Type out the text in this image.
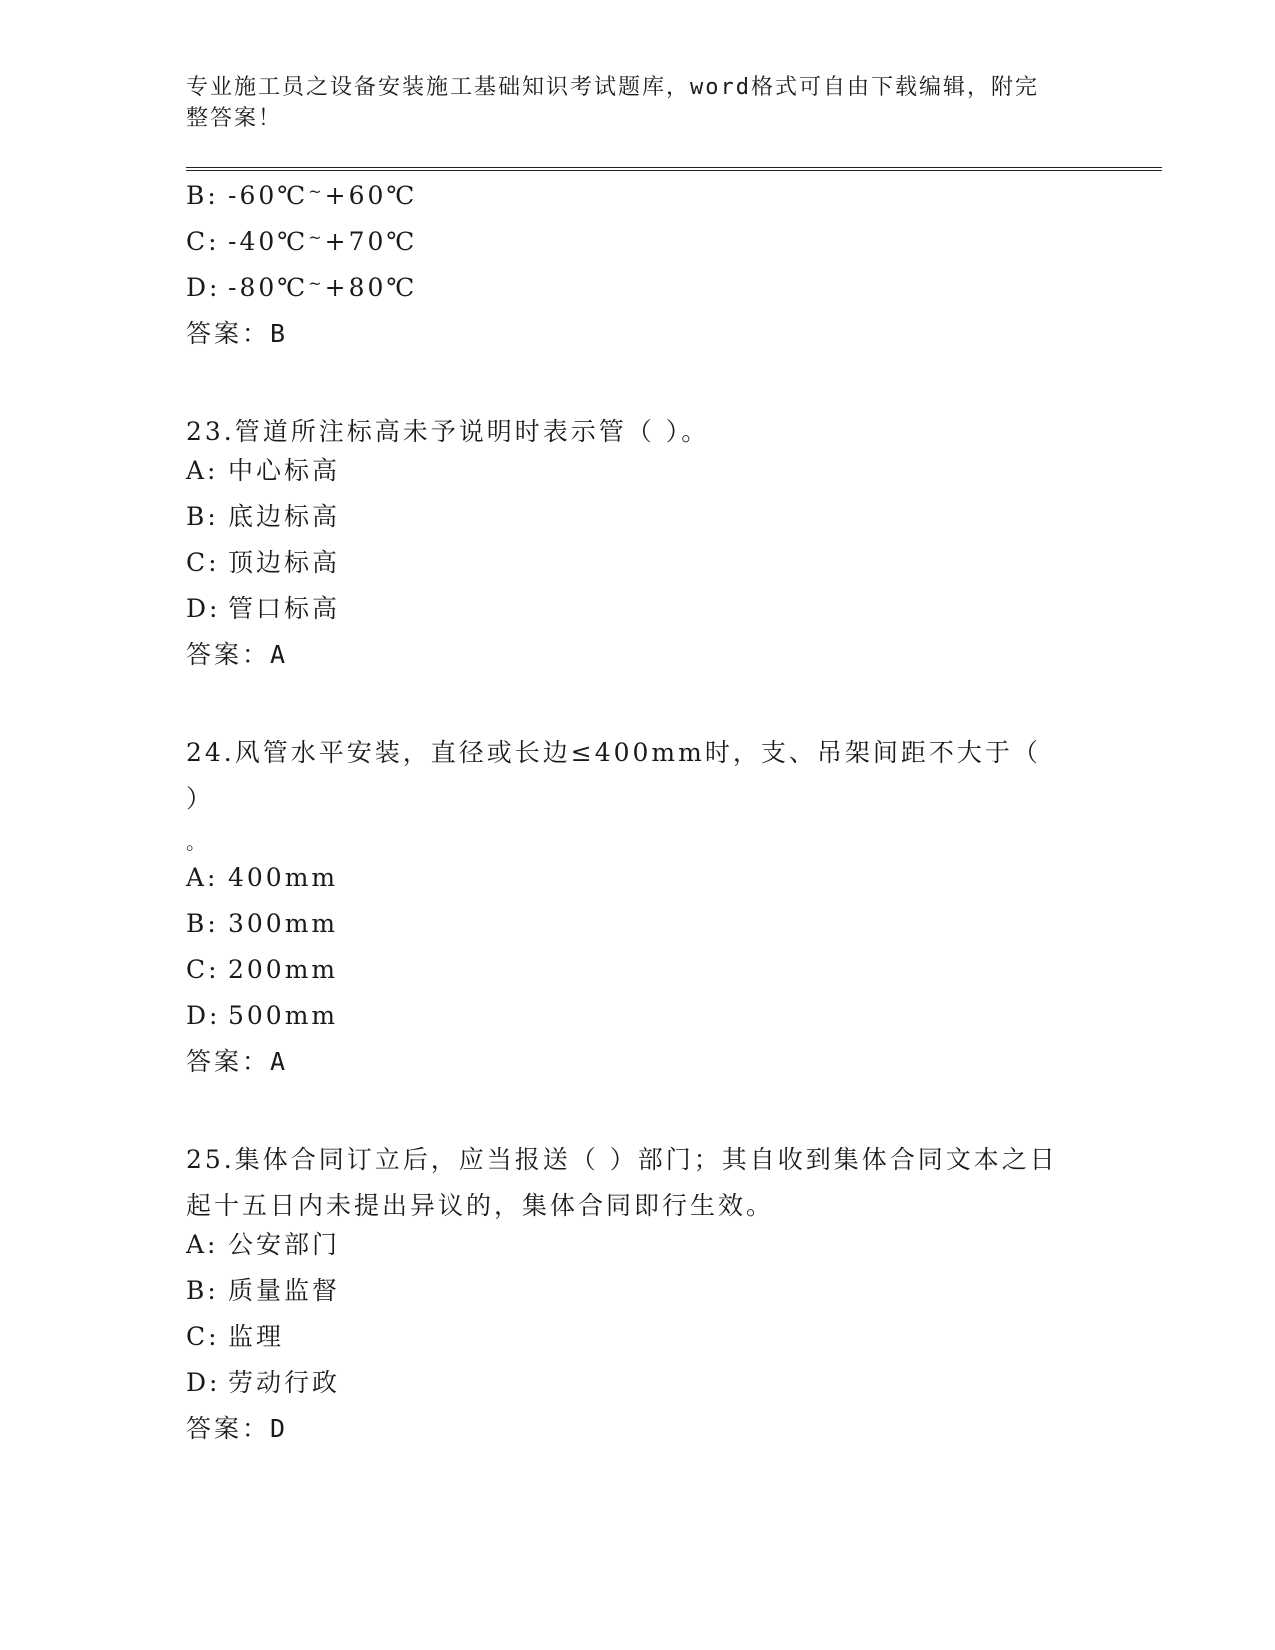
专业施工员之设备安装施工基础知识考试题库，word格式可自由下载编辑，附完
整答案！

B: -60℃~+60℃

C: -40℃~+70℃

D: -80℃~+80℃

答案：B

23.管道所注标高未予说明时表示管（ ）。

A: 中心标高

B: 底边标高

C: 顶边标高

D: 管口标高

答案：A

24.风管水平安装，直径或长边≤400mm时，支、吊架间距不大于（ ）

。

A: 400mm

B: 300mm

C: 200mm

D: 500mm

答案：A

25.集体合同订立后，应当报送（ ）部门；其自收到集体合同文本之日起十五日内未提出异议的，集体合同即行生效。

A: 公安部门

B: 质量监督

C: 监理

D: 劳动行政

答案：D
